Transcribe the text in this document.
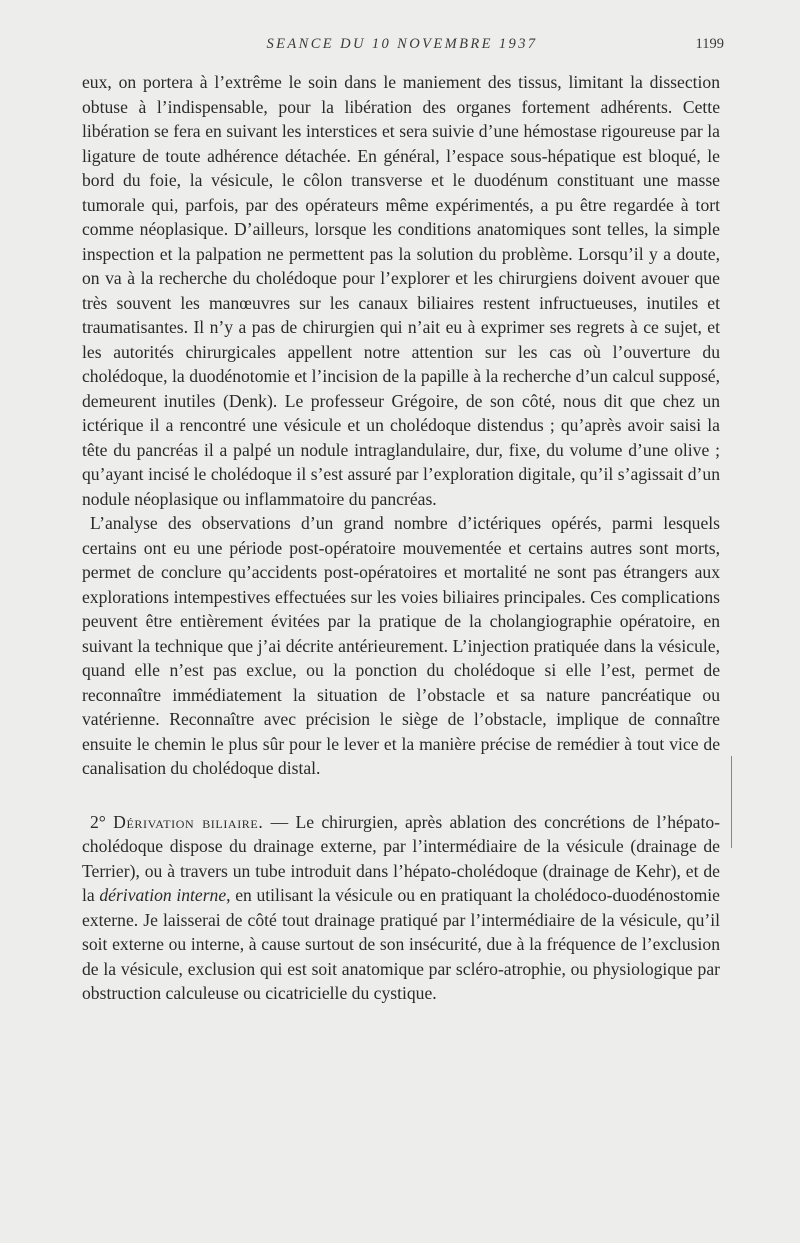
SEANCE DU 10 NOVEMBRE 1937	1199

eux, on portera à l’extrême le soin dans le maniement des tissus, limitant la dissection obtuse à l’indispensable, pour la libération des organes fortement adhérents. Cette libération se fera en suivant les interstices et sera suivie d’une hémostase rigoureuse par la ligature de toute adhérence détachée. En général, l’espace sous-hépatique est bloqué, le bord du foie, la vésicule, le côlon transverse et le duodénum constituant une masse tumorale qui, parfois, par des opérateurs même expérimentés, a pu être regardée à tort comme néoplasique. D’ailleurs, lorsque les conditions anatomiques sont telles, la simple inspection et la palpation ne permettent pas la solution du problème. Lorsqu’il y a doute, on va à la recherche du cholédoque pour l’explorer et les chirurgiens doivent avouer que très souvent les manœuvres sur les canaux biliaires restent infructueuses, inutiles et traumatisantes. Il n’y a pas de chirurgien qui n’ait eu à exprimer ses regrets à ce sujet, et les autorités chirurgicales appellent notre attention sur les cas où l’ouverture du cholédoque, la duodénotomie et l’incision de la papille à la recherche d’un calcul supposé, demeurent inutiles (Denk). Le professeur Grégoire, de son côté, nous dit que chez un ictérique il a rencontré une vésicule et un cholédoque distendus ; qu’après avoir saisi la tête du pancréas il a palpé un nodule intraglandulaire, dur, fixe, du volume d’une olive ; qu’ayant incisé le cholédoque il s’est assuré par l’exploration digitale, qu’il s’agissait d’un nodule néoplasique ou inflammatoire du pancréas.

L’analyse des observations d’un grand nombre d’ictériques opérés, parmi lesquels certains ont eu une période post-opératoire mouvementée et certains autres sont morts, permet de conclure qu’accidents post-opératoires et mortalité ne sont pas étrangers aux explorations intempestives effectuées sur les voies biliaires principales. Ces complications peuvent être entièrement évitées par la pratique de la cholangiographie opératoire, en suivant la technique que j’ai décrite antérieurement. L’injection pratiquée dans la vésicule, quand elle n’est pas exclue, ou la ponction du cholédoque si elle l’est, permet de reconnaître immédiatement la situation de l’obstacle et sa nature pancréatique ou vatérienne. Reconnaître avec précision le siège de l’obstacle, implique de connaître ensuite le chemin le plus sûr pour le lever et la manière précise de remédier à tout vice de canalisation du cholédoque distal.

2° Dérivation biliaire. — Le chirurgien, après ablation des concrétions de l’hépato-cholédoque dispose du drainage externe, par l’intermédiaire de la vésicule (drainage de Terrier), ou à travers un tube introduit dans l’hépato-cholédoque (drainage de Kehr), et de la dérivation interne, en utilisant la vésicule ou en pratiquant la cholédoco-duodénostomie externe. Je laisserai de côté tout drainage pratiqué par l’intermédiaire de la vésicule, qu’il soit externe ou interne, à cause surtout de son insécurité, due à la fréquence de l’exclusion de la vésicule, exclusion qui est soit anatomique par scléro-atrophie, ou physiologique par obstruction calculeuse ou cicatricielle du cystique.
